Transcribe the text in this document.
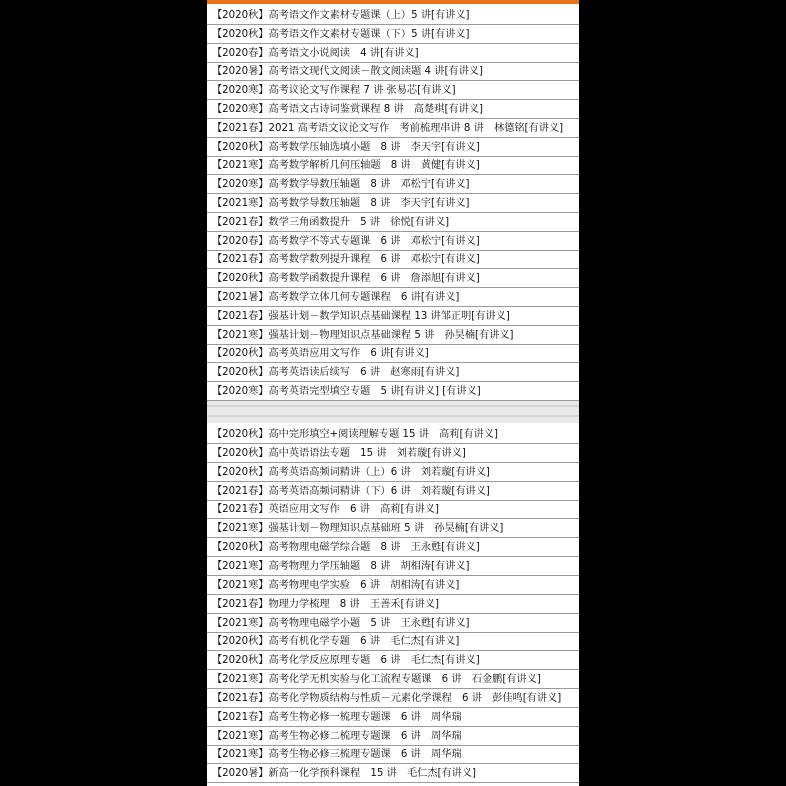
【2020秋】高考语文作文素材专题课（上）5 讲[有讲义]
【2020秋】高考语文作文素材专题课（下）5 讲[有讲义]
【2020春】高考语文小说阅读　4 讲[有讲义]
【2020暑】高考语文现代文阅读－散文阅读题 4 讲[有讲义]
【2020寒】高考议论文写作课程 7 讲 张易芯[有讲义]
【2020寒】高考语文古诗词鉴赏课程 8 讲　高楚琪[有讲义]
【2021春】2021 高考语文议论文写作　考前梳理串讲 8 讲　林德铭[有讲义]
【2020秋】高考数学压轴选填小题　8 讲　李天宇[有讲义]
【2021寒】高考数学解析几何压轴题　8 讲　黄健[有讲义]
【2020寒】高考数学导数压轴题　8 讲　邓松宁[有讲义]
【2021寒】高考数学导数压轴题　8 讲　李天宇[有讲义]
【2021春】数学三角函数提升　5 讲　徐悦[有讲义]
【2020春】高考数学不等式专题课　6 讲　邓松宁[有讲义]
【2021春】高考数学数列提升课程　6 讲　邓松宁[有讲义]
【2020秋】高考数学函数提升课程　6 讲　詹添旭[有讲义]
【2021暑】高考数学立体几何专题课程　6 讲[有讲义]
【2021春】强基计划－数学知识点基础课程 13 讲邹正明[有讲义]
【2021寒】强基计划－物理知识点基础课程 5 讲　孙昊楠[有讲义]
【2020秋】高考英语应用文写作　6 讲[有讲义]
【2020秋】高考英语读后续写　6 讲　赵寒雨[有讲义]
【2020寒】高考英语完型填空专题　5 讲[有讲义] [有讲义]
【2020秋】高中完形填空+阅读理解专题 15 讲　高莉[有讲义]
【2020秋】高中英语语法专题　15 讲　刘若璇[有讲义]
【2020秋】高考英语高频词精讲（上）6 讲　刘若璇[有讲义]
【2021春】高考英语高频词精讲（下）6 讲　刘若璇[有讲义]
【2021春】英语应用文写作　6 讲　高莉[有讲义]
【2021寒】强基计划－物理知识点基础班 5 讲　孙昊楠[有讲义]
【2020秋】高考物理电磁学综合题　8 讲　王永甦[有讲义]
【2021寒】高考物理力学压轴题　8 讲　胡相涛[有讲义]
【2021寒】高考物理电学实验　6 讲　胡相涛[有讲义]
【2021春】物理力学梳理　8 讲　王善禾[有讲义]
【2021寒】高考物理电磁学小题　5 讲　王永甦[有讲义]
【2020秋】高考有机化学专题　6 讲　毛仁杰[有讲义]
【2020秋】高考化学反应原理专题　6 讲　毛仁杰[有讲义]
【2021寒】高考化学无机实验与化工流程专题课　6 讲　石金鹏[有讲义]
【2021春】高考化学物质结构与性质－元素化学课程　6 讲　彭佳鸣[有讲义]
【2021春】高考生物必修一梳理专题课　6 讲　周华瑞
【2021寒】高考生物必修二梳理专题课　6 讲　周华瑞
【2021寒】高考生物必修三梳理专题课　6 讲　周华瑞
【2020暑】新高一化学预科课程　15 讲　毛仁杰[有讲义]
